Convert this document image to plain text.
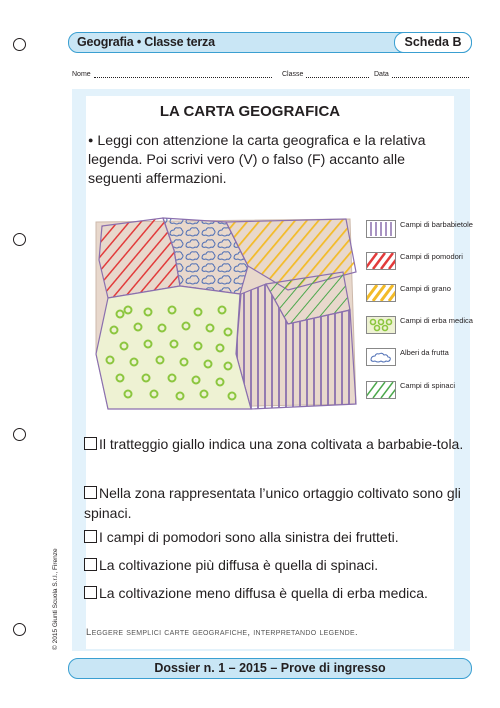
Geografia • Classe terza	Scheda B
Nome	Classe	Data
LA CARTA GEOGRAFICA
● Leggi con attenzione la carta geografica e la relativa legenda. Poi scrivi vero (V) o falso (F) accanto alle seguenti affermazioni.
Campi di barbabietole
Campi di pomodori
Campi di grano
Campi di erba medica
Alberi da frutta
Campi di spinaci
Il tratteggio giallo indica una zona coltivata a barbabie-tola.
Nella zona rappresentata l’unico ortaggio coltivato sono gli spinaci.
I campi di pomodori sono alla sinistra dei frutteti.
La coltivazione più diffusa è quella di spinaci.
La coltivazione meno diffusa è quella di erba medica.
Leggere semplici carte geografiche, interpretando legende.
© 2015 Giunti Scuola S.r.l., Firenze
Dossier n. 1 – 2015 – Prove di ingresso
